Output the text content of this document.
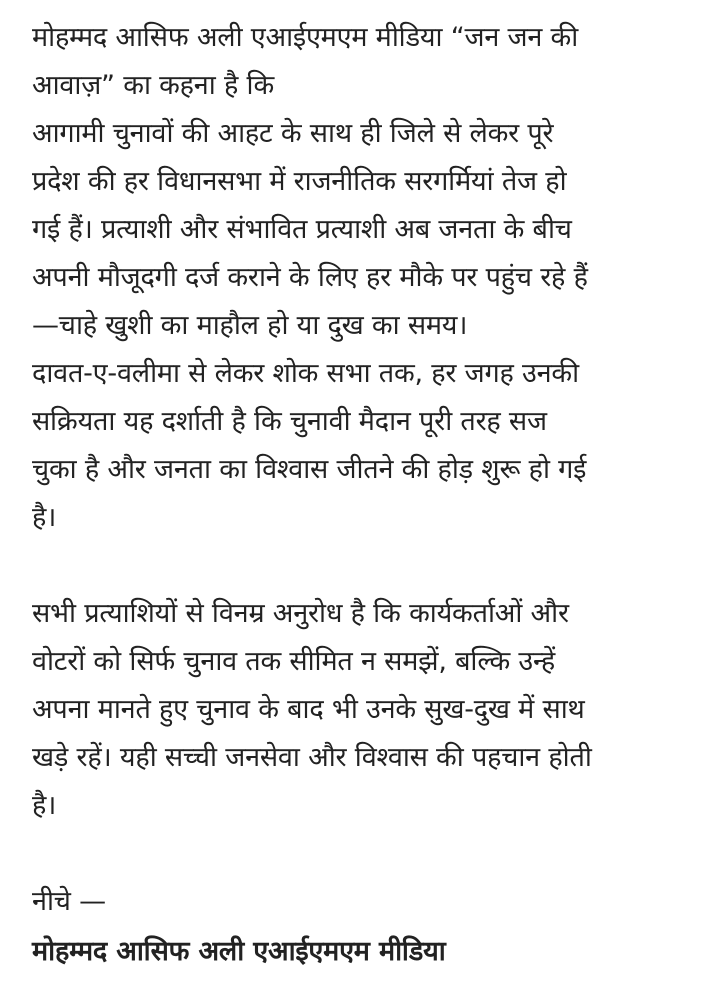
मोहम्मद आसिफ अली एआईएमएम मीडिया “जन जन की
आवाज़” का कहना है कि
आगामी चुनावों की आहट के साथ ही जिले से लेकर पूरे
प्रदेश की हर विधानसभा में राजनीतिक सरगर्मियां तेज हो
गई हैं। प्रत्याशी और संभावित प्रत्याशी अब जनता के बीच
अपनी मौजूदगी दर्ज कराने के लिए हर मौके पर पहुंच रहे हैं
—चाहे खुशी का माहौल हो या दुख का समय।
दावत-ए-वलीमा से लेकर शोक सभा तक, हर जगह उनकी
सक्रियता यह दर्शाती है कि चुनावी मैदान पूरी तरह सज
चुका है और जनता का विश्वास जीतने की होड़ शुरू हो गई
है।
सभी प्रत्याशियों से विनम्र अनुरोध है कि कार्यकर्ताओं और
वोटरों को सिर्फ चुनाव तक सीमित न समझें, बल्कि उन्हें
अपना मानते हुए चुनाव के बाद भी उनके सुख-दुख में साथ
खड़े रहें। यही सच्ची जनसेवा और विश्वास की पहचान होती
है।
नीचे —
मोहम्मद आसिफ अली एआईएमएम मीडिया
